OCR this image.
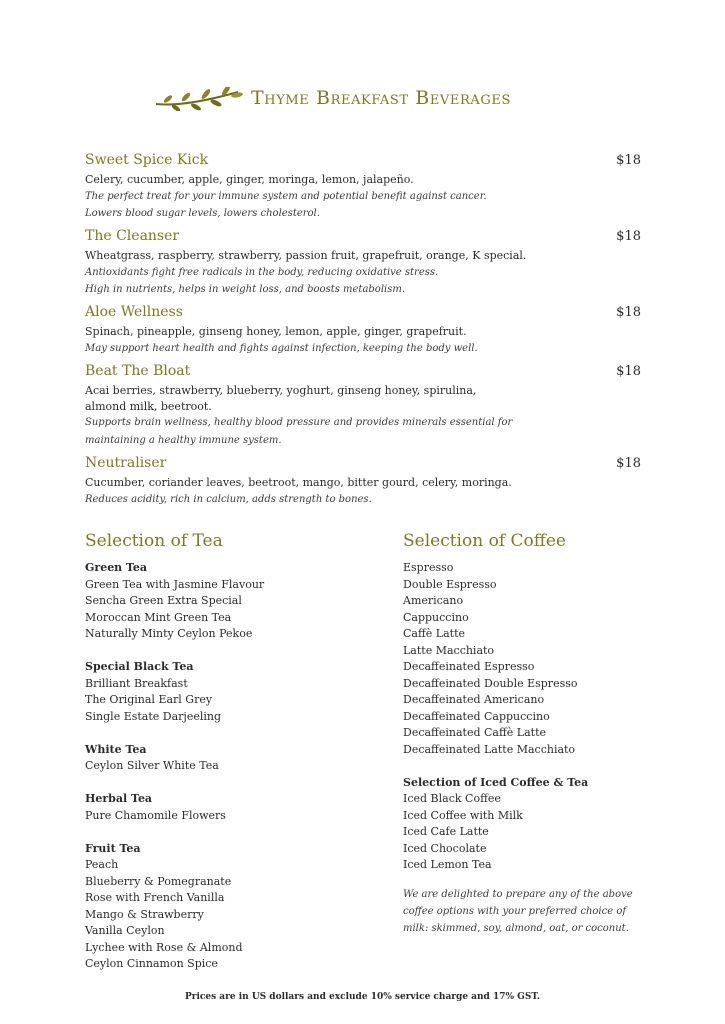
Thyme Breakfast Beverages
Sweet Spice Kick	$18
Celery, cucumber, apple, ginger, moringa, lemon, jalapeño.
The perfect treat for your immune system and potential benefit against cancer.
Lowers blood sugar levels, lowers cholesterol.
The Cleanser	$18
Wheatgrass, raspberry, strawberry, passion fruit, grapefruit, orange, K special.
Antioxidants fight free radicals in the body, reducing oxidative stress.
High in nutrients, helps in weight loss, and boosts metabolism.
Aloe Wellness	$18
Spinach, pineapple, ginseng honey, lemon, apple, ginger, grapefruit.
May support heart health and fights against infection, keeping the body well.
Beat The Bloat	$18
Acai berries, strawberry, blueberry, yoghurt, ginseng honey, spirulina,
almond milk, beetroot.
Supports brain wellness, healthy blood pressure and provides minerals essential for
maintaining a healthy immune system.
Neutraliser	$18
Cucumber, coriander leaves, beetroot, mango, bitter gourd, celery, moringa.
Reduces acidity, rich in calcium, adds strength to bones.
Selection of Tea
Green Tea
Green Tea with Jasmine Flavour
Sencha Green Extra Special
Moroccan Mint Green Tea
Naturally Minty Ceylon Pekoe
Special Black Tea
Brilliant Breakfast
The Original Earl Grey
Single Estate Darjeeling
White Tea
Ceylon Silver White Tea
Herbal Tea
Pure Chamomile Flowers
Fruit Tea
Peach
Blueberry & Pomegranate
Rose with French Vanilla
Mango & Strawberry
Vanilla Ceylon
Lychee with Rose & Almond
Ceylon Cinnamon Spice
Selection of Coffee
Espresso
Double Espresso
Americano
Cappuccino
Caffè Latte
Latte Macchiato
Decaffeinated Espresso
Decaffeinated Double Espresso
Decaffeinated Americano
Decaffeinated Cappuccino
Decaffeinated Caffè Latte
Decaffeinated Latte Macchiato
Selection of Iced Coffee & Tea
Iced Black Coffee
Iced Coffee with Milk
Iced Cafe Latte
Iced Chocolate
Iced Lemon Tea
We are delighted to prepare any of the above
coffee options with your preferred choice of
milk: skimmed, soy, almond, oat, or coconut.
Prices are in US dollars and exclude 10% service charge and 17% GST.
